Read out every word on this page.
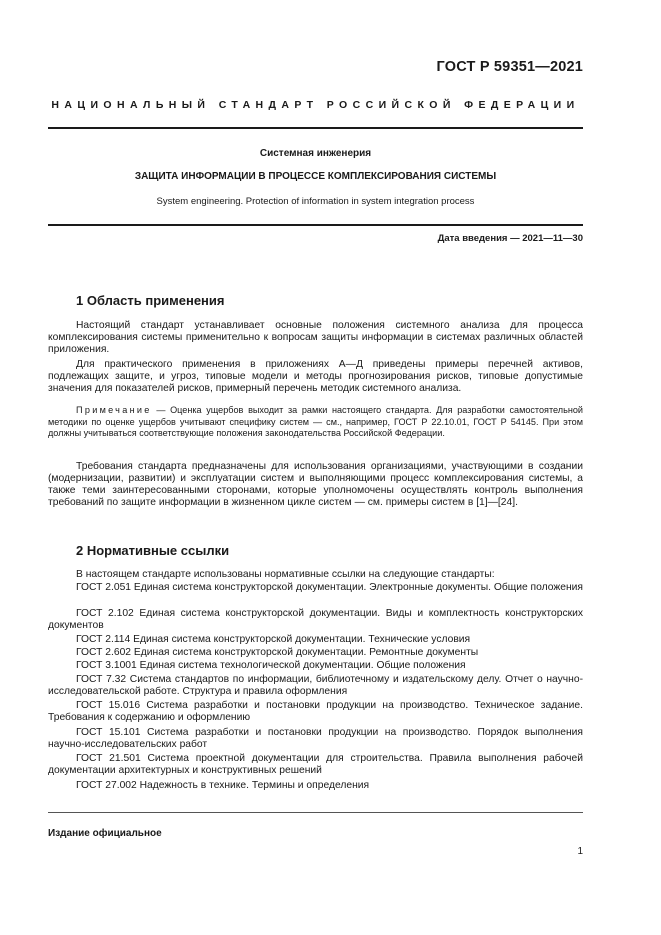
ГОСТ Р 59351—2021
НАЦИОНАЛЬНЫЙ СТАНДАРТ РОССИЙСКОЙ ФЕДЕРАЦИИ
Системная инженерия
ЗАЩИТА ИНФОРМАЦИИ В ПРОЦЕССЕ КОМПЛЕКСИРОВАНИЯ СИСТЕМЫ
System engineering. Protection of information in system integration process
Дата введения — 2021—11—30
1 Область применения
Настоящий стандарт устанавливает основные положения системного анализа для процесса комплексирования системы применительно к вопросам защиты информации в системах различных областей приложения.
Для практического применения в приложениях А—Д приведены примеры перечней активов, подлежащих защите, и угроз, типовые модели и методы прогнозирования рисков, типовые допустимые значения для показателей рисков, примерный перечень методик системного анализа.
Примечание — Оценка ущербов выходит за рамки настоящего стандарта. Для разработки самостоятельной методики по оценке ущербов учитывают специфику систем — см., например, ГОСТ Р 22.10.01, ГОСТ Р 54145. При этом должны учитываться соответствующие положения законодательства Российской Федерации.
Требования стандарта предназначены для использования организациями, участвующими в создании (модернизации, развитии) и эксплуатации систем и выполняющими процесс комплексирования системы, а также теми заинтересованными сторонами, которые уполномочены осуществлять контроль выполнения требований по защите информации в жизненном цикле систем — см. примеры систем в [1]—[24].
2 Нормативные ссылки
В настоящем стандарте использованы нормативные ссылки на следующие стандарты:
ГОСТ 2.051 Единая система конструкторской документации. Электронные документы. Общие положения
ГОСТ 2.102 Единая система конструкторской документации. Виды и комплектность конструкторских документов
ГОСТ 2.114 Единая система конструкторской документации. Технические условия
ГОСТ 2.602 Единая система конструкторской документации. Ремонтные документы
ГОСТ 3.1001 Единая система технологической документации. Общие положения
ГОСТ 7.32 Система стандартов по информации, библиотечному и издательскому делу. Отчет о научно-исследовательской работе. Структура и правила оформления
ГОСТ 15.016 Система разработки и постановки продукции на производство. Техническое задание. Требования к содержанию и оформлению
ГОСТ 15.101 Система разработки и постановки продукции на производство. Порядок выполнения научно-исследовательских работ
ГОСТ 21.501 Система проектной документации для строительства. Правила выполнения рабочей документации архитектурных и конструктивных решений
ГОСТ 27.002 Надежность в технике. Термины и определения
Издание официальное
1
